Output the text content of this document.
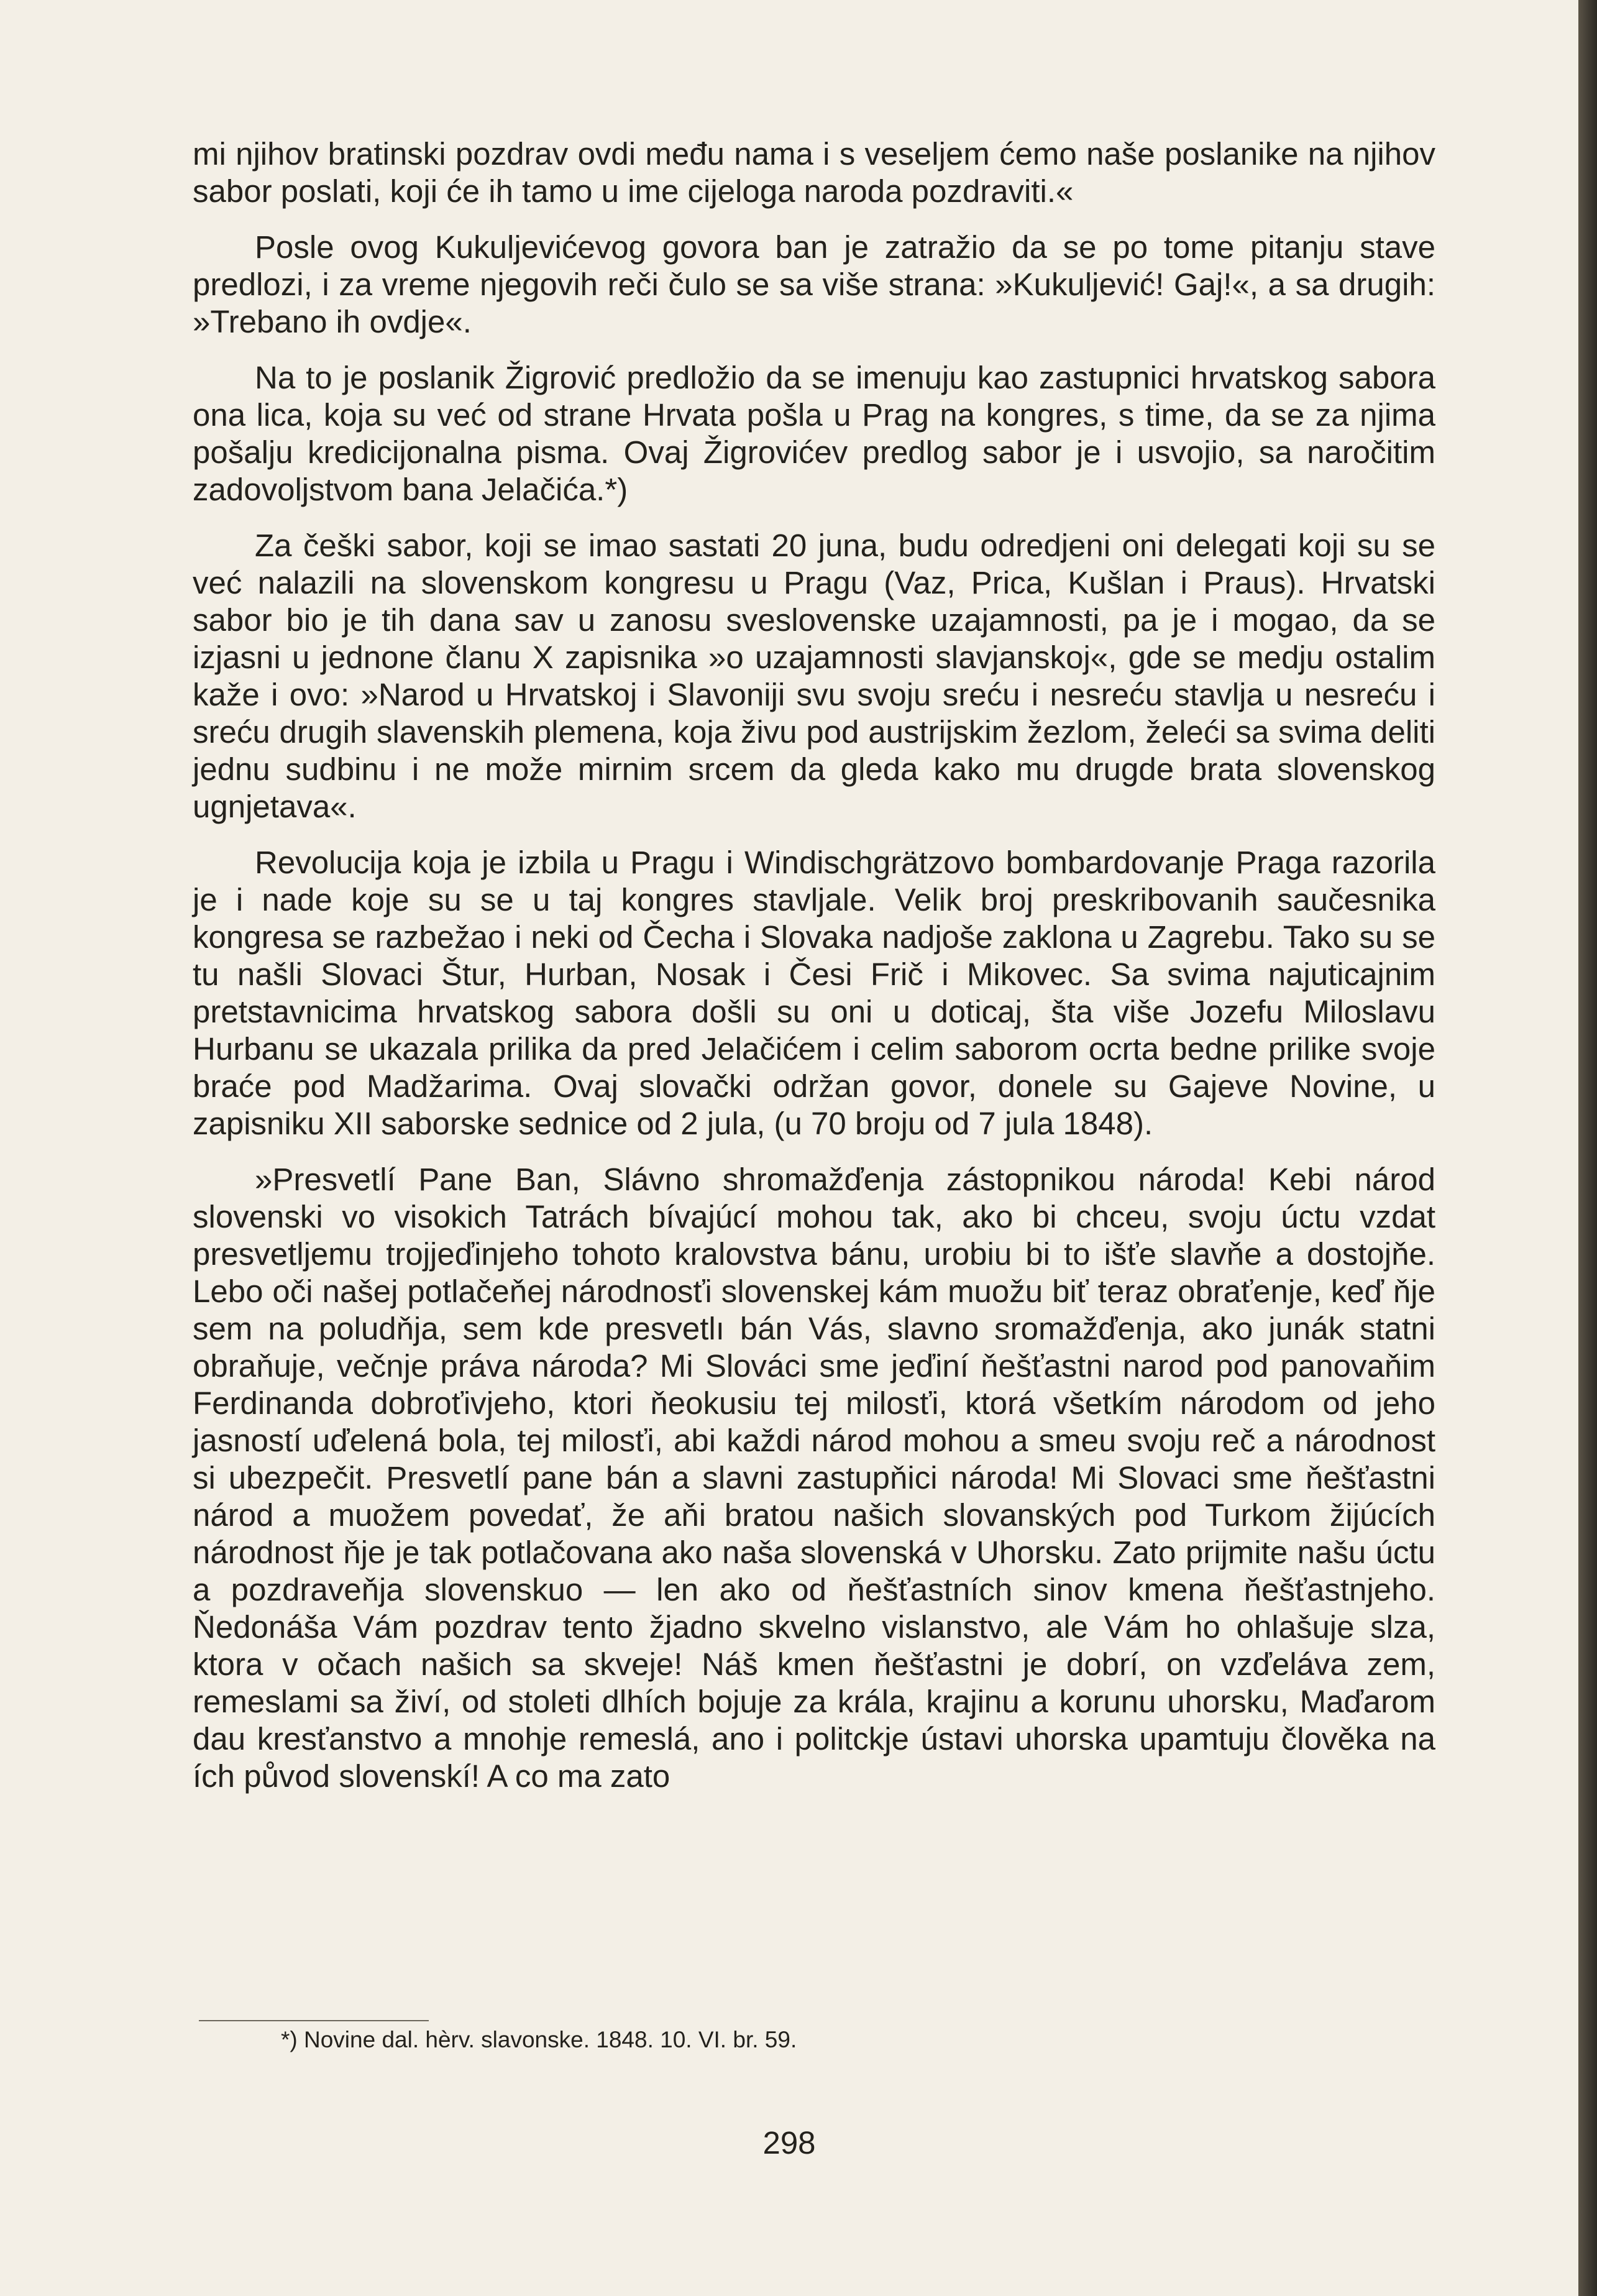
mi njihov bratinski pozdrav ovdi među nama i s veseljem ćemo naše poslanike na njihov sabor poslati, koji će ih tamo u ime cijeloga naroda pozdraviti.«

Posle ovog Kukuljevićevog govora ban je zatražio da se po tome pitanju stave predlozi, i za vreme njegovih reči čulo se sa više strana: »Kukuljević! Gaj!«, a sa drugih: »Trebano ih ovdje«.

Na to je poslanik Žigrović predložio da se imenuju kao zastupnici hrvatskog sabora ona lica, koja su već od strane Hrvata pošla u Prag na kongres, s time, da se za njima pošalju kredicijonalna pisma. Ovaj Žigrovićev predlog sabor je i usvojio, sa naročitim zadovoljstvom bana Jelačića.*)

Za češki sabor, koji se imao sastati 20 juna, budu odredjeni oni delegati koji su se već nalazili na slovenskom kongresu u Pragu (Vaz, Prica, Kušlan i Praus). Hrvatski sabor bio je tih dana sav u zanosu sveslovenske uzajamnosti, pa je i mogao, da se izjasni u jednone članu X zapisnika »o uzajamnosti slavjanskoj«, gde se medju ostalim kaže i ovo: »Narod u Hrvatskoj i Slavoniji svu svoju sreću i nesreću stavlja u nesreću i sreću drugih slavenskih plemena, koja živu pod austrijskim žezlom, želeći sa svima deliti jednu sudbinu i ne može mirnim srcem da gleda kako mu drugde brata slovenskog ugnjetava«.

Revolucija koja je izbila u Pragu i Windischgrätzovo bombardovanje Praga razorila je i nade koje su se u taj kongres stavljale. Velik broj preskribovanih saučesnika kongresa se razbežao i neki od Čecha i Slovaka nadjoše zaklona u Zagrebu. Tako su se tu našli Slovaci Štur, Hurban, Nosak i Česi Frič i Mikovec. Sa svima najuticajnim pretstavnicima hrvatskog sabora došli su oni u doticaj, šta više Jozefu Miloslavu Hurbanu se ukazala prilika da pred Jelačićem i celim saborom ocrta bedne prilike svoje braće pod Madžarima. Ovaj slovački održan govor, donele su Gajeve Novine, u zapisniku XII saborske sednice od 2 jula, (u 70 broju od 7 jula 1848).

»Presvetlí Pane Ban, Slávno shromažďenja zástopnikou národa! Kebi národ slovenski vo visokich Tatrách bívajúcí mohou tak, ako bi chceu, svoju úctu vzdat presvetljemu trojjeďinjeho tohoto kralovstva bánu, urobiu bi to išťe slavňe a dostojňe. Lebo oči našej potlačeňej národnosťi slovenskej kám muožu biť teraz obraťenje, keď ňje sem na poludňja, sem kde presvetlı bán Vás, slavno sromažďenja, ako junák statni obraňuje, večnje práva národa? Mi Slováci sme jeďiní ňešťastni narod pod panovaňim Ferdinanda dobroťivjeho, ktori ňeokusiu tej milosťi, ktorá všetkím národom od jeho jasností uďelená bola, tej milosťi, abi každi národ mohou a smeu svoju reč a národnost si ubezpečit. Presvetlí pane bán a slavni zastupňici národa! Mi Slovaci sme ňešťastni národ a muožem povedať, že aňi bratou našich slovanských pod Turkom žijúcích národnost ňje je tak potlačovana ako naša slovenská v Uhorsku. Zato prijmite našu úctu a pozdraveňja slovenskuo — len ako od ňešťastních sinov kmena ňešťastnjeho. Ňedonáša Vám pozdrav tento žjadno skvelno vislanstvo, ale Vám ho ohlašuje slza, ktora v očach našich sa skveje! Náš kmen ňešťastni je dobrí, on vzďeláva zem, remeslami sa živí, od stoleti dlhích bojuje za krála, krajinu a korunu uhorsku, Maďarom dau kresťanstvo a mnohje remeslá, ano i politckje ústavi uhorska upamtuju člověka na ích původ slovenskí! A co ma zato

*) Novine dal. hèrv. slavonske. 1848. 10. VI. br. 59.
298
